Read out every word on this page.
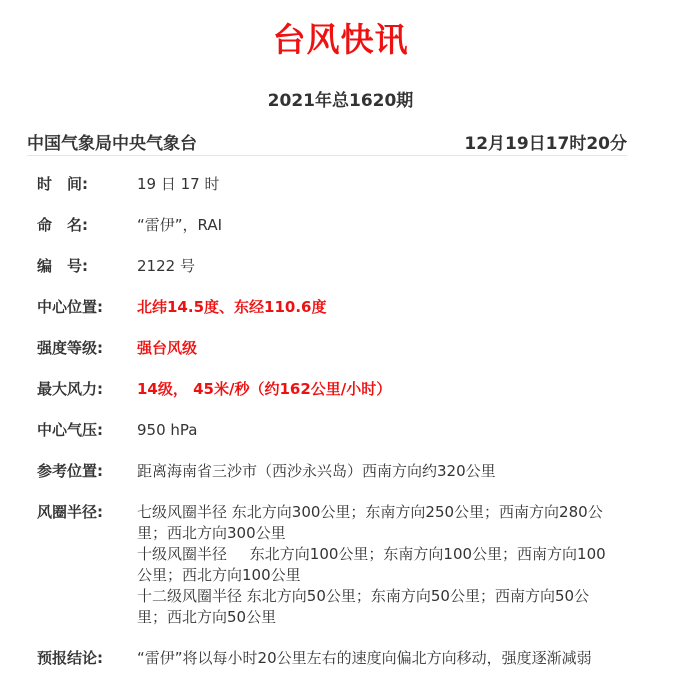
台风快讯
2021年总1620期
中国气象局中央气象台	12月19日17时20分
时　间:	19 日 17 时
命　名:	“雷伊”，RAI
编　号:	2122 号
中心位置:	北纬14.5度、东经110.6度
强度等级:	强台风级
最大风力:	14级， 45米/秒（约162公里/小时）
中心气压:	950 hPa
参考位置:	距离海南省三沙市（西沙永兴岛）西南方向约320公里
风圈半径:	七级风圈半径 东北方向300公里；东南方向250公里；西南方向280公里；西北方向300公里
十级风圈半径 东北方向100公里；东南方向100公里；西南方向100公里；西北方向100公里
十二级风圈半径 东北方向50公里；东南方向50公里；西南方向50公里；西北方向50公里
预报结论:	“雷伊”将以每小时20公里左右的速度向偏北方向移动，强度逐渐减弱
